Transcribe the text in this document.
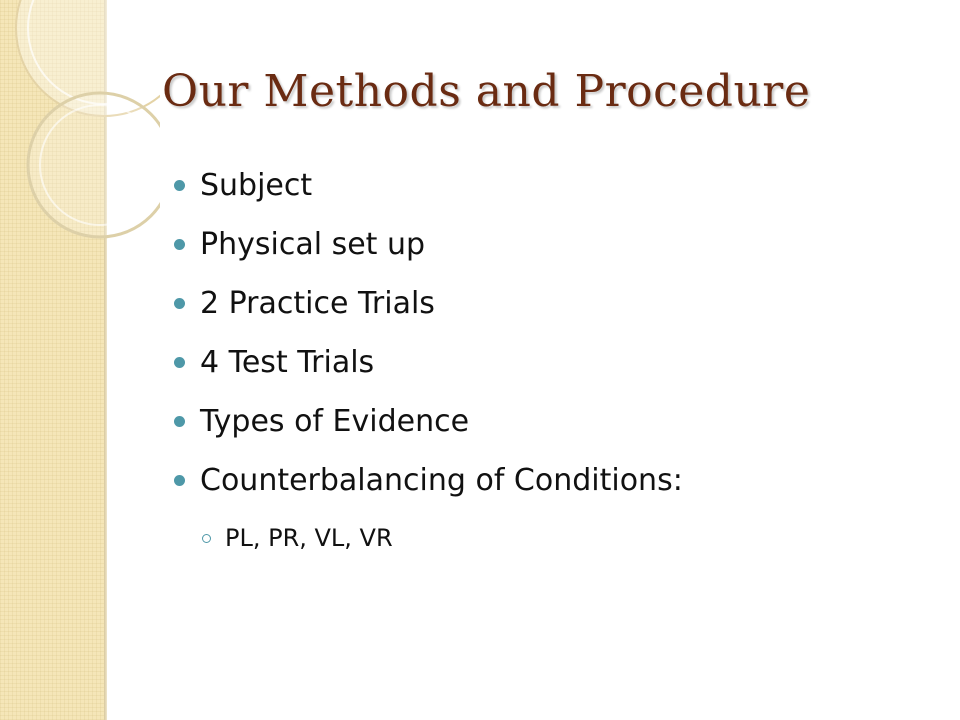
Our Methods and Procedure
Subject
Physical set up
2 Practice Trials
4 Test Trials
Types of Evidence
Counterbalancing of Conditions:
PL, PR, VL, VR
